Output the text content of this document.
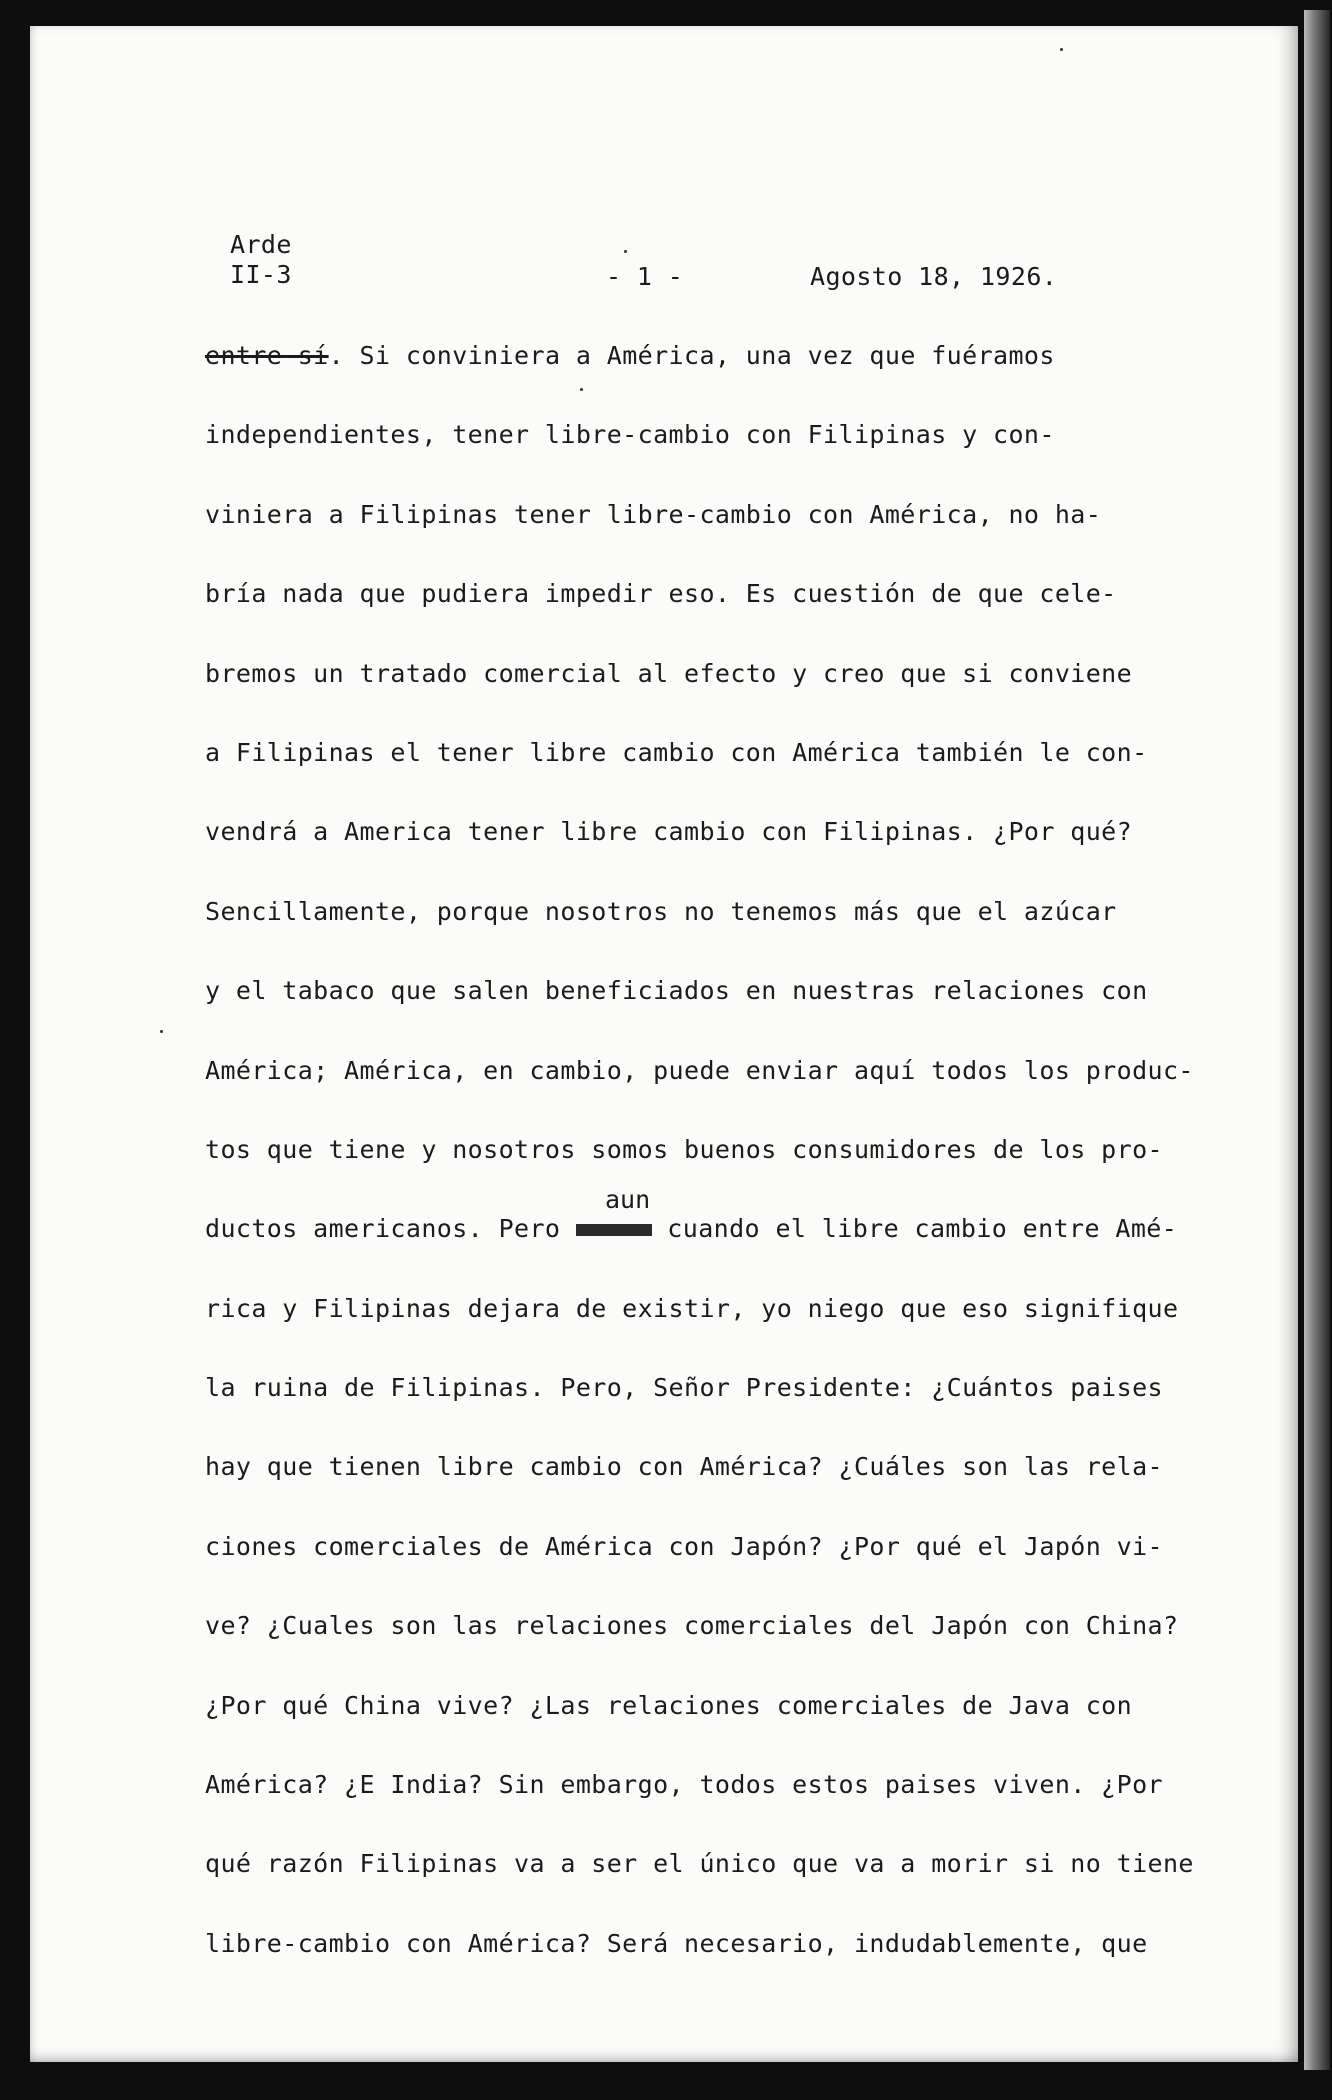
Arde
II-3	- 1 -	Agosto 18, 1926.
aun
entre sí. Si conviniera a América, una vez que fuéramos
independientes, tener libre-cambio con Filipinas y con-
viniera a Filipinas tener libre-cambio con América, no ha-
bría nada que pudiera impedir eso. Es cuestión de que cele-
bremos un tratado comercial al efecto y creo que si conviene
a Filipinas el tener libre cambio con América también le con-
vendrá a America tener libre cambio con Filipinas. ¿Por qué?
Sencillamente, porque nosotros no tenemos más que el azúcar
y el tabaco que salen beneficiados en nuestras relaciones con
América; América, en cambio, puede enviar aquí todos los produc-
tos que tiene y nosotros somos buenos consumidores de los pro-
ductos americanos. Pero	cuando el libre cambio entre Amé-
rica y Filipinas dejara de existir, yo niego que eso signifique
la ruina de Filipinas. Pero, Señor Presidente: ¿Cuántos paises
hay que tienen libre cambio con América? ¿Cuáles son las rela-
ciones comerciales de América con Japón? ¿Por qué el Japón vi-
ve? ¿Cuales son las relaciones comerciales del Japón con China?
¿Por qué China vive? ¿Las relaciones comerciales de Java con
América? ¿E India? Sin embargo, todos estos paises viven. ¿Por
qué razón Filipinas va a ser el único que va a morir si no tiene
libre-cambio con América? Será necesario, indudablemente, que
